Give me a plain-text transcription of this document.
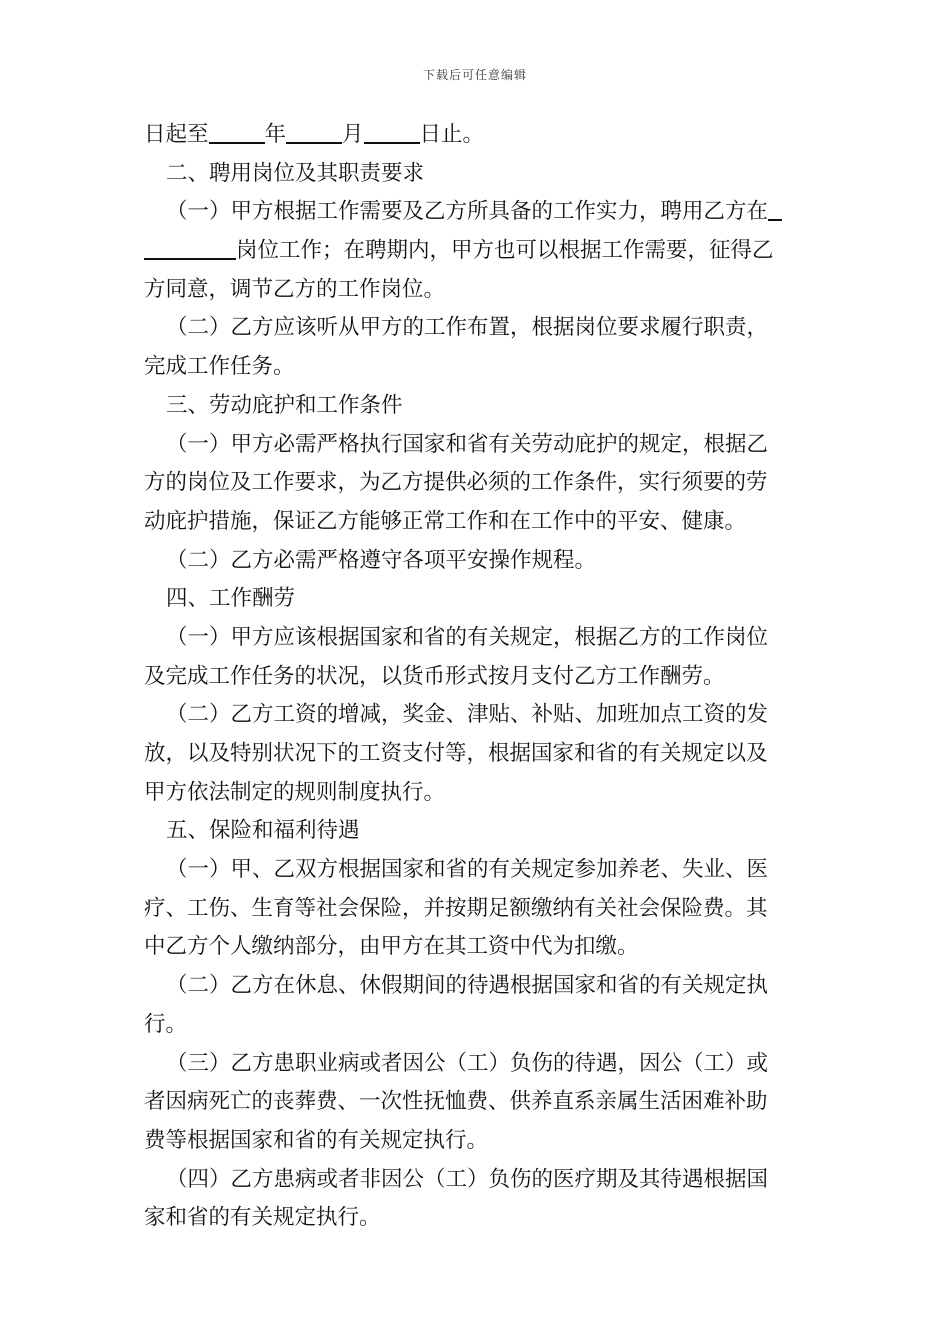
下载后可任意编辑
日起至	年	月	日止。
二、聘用岗位及其职责要求
（一）甲方根据工作需要及乙方所具备的工作实力，聘用乙方在
岗位工作；在聘期内，甲方也可以根据工作需要，征得乙
方同意，调节乙方的工作岗位。
（二）乙方应该听从甲方的工作布置，根据岗位要求履行职责，
完成工作任务。
三、劳动庇护和工作条件
（一）甲方必需严格执行国家和省有关劳动庇护的规定，根据乙
方的岗位及工作要求，为乙方提供必须的工作条件，实行须要的劳
动庇护措施，保证乙方能够正常工作和在工作中的平安、健康。
（二）乙方必需严格遵守各项平安操作规程。
四、工作酬劳
（一）甲方应该根据国家和省的有关规定，根据乙方的工作岗位
及完成工作任务的状况，以货币形式按月支付乙方工作酬劳。
（二）乙方工资的增减，奖金、津贴、补贴、加班加点工资的发
放，以及特别状况下的工资支付等，根据国家和省的有关规定以及
甲方依法制定的规则制度执行。
五、保险和福利待遇
（一）甲、乙双方根据国家和省的有关规定参加养老、失业、医
疗、工伤、生育等社会保险，并按期足额缴纳有关社会保险费。其
中乙方个人缴纳部分，由甲方在其工资中代为扣缴。
（二）乙方在休息、休假期间的待遇根据国家和省的有关规定执
行。
（三）乙方患职业病或者因公（工）负伤的待遇，因公（工）或
者因病死亡的丧葬费、一次性抚恤费、供养直系亲属生活困难补助
费等根据国家和省的有关规定执行。
（四）乙方患病或者非因公（工）负伤的医疗期及其待遇根据国
家和省的有关规定执行。
